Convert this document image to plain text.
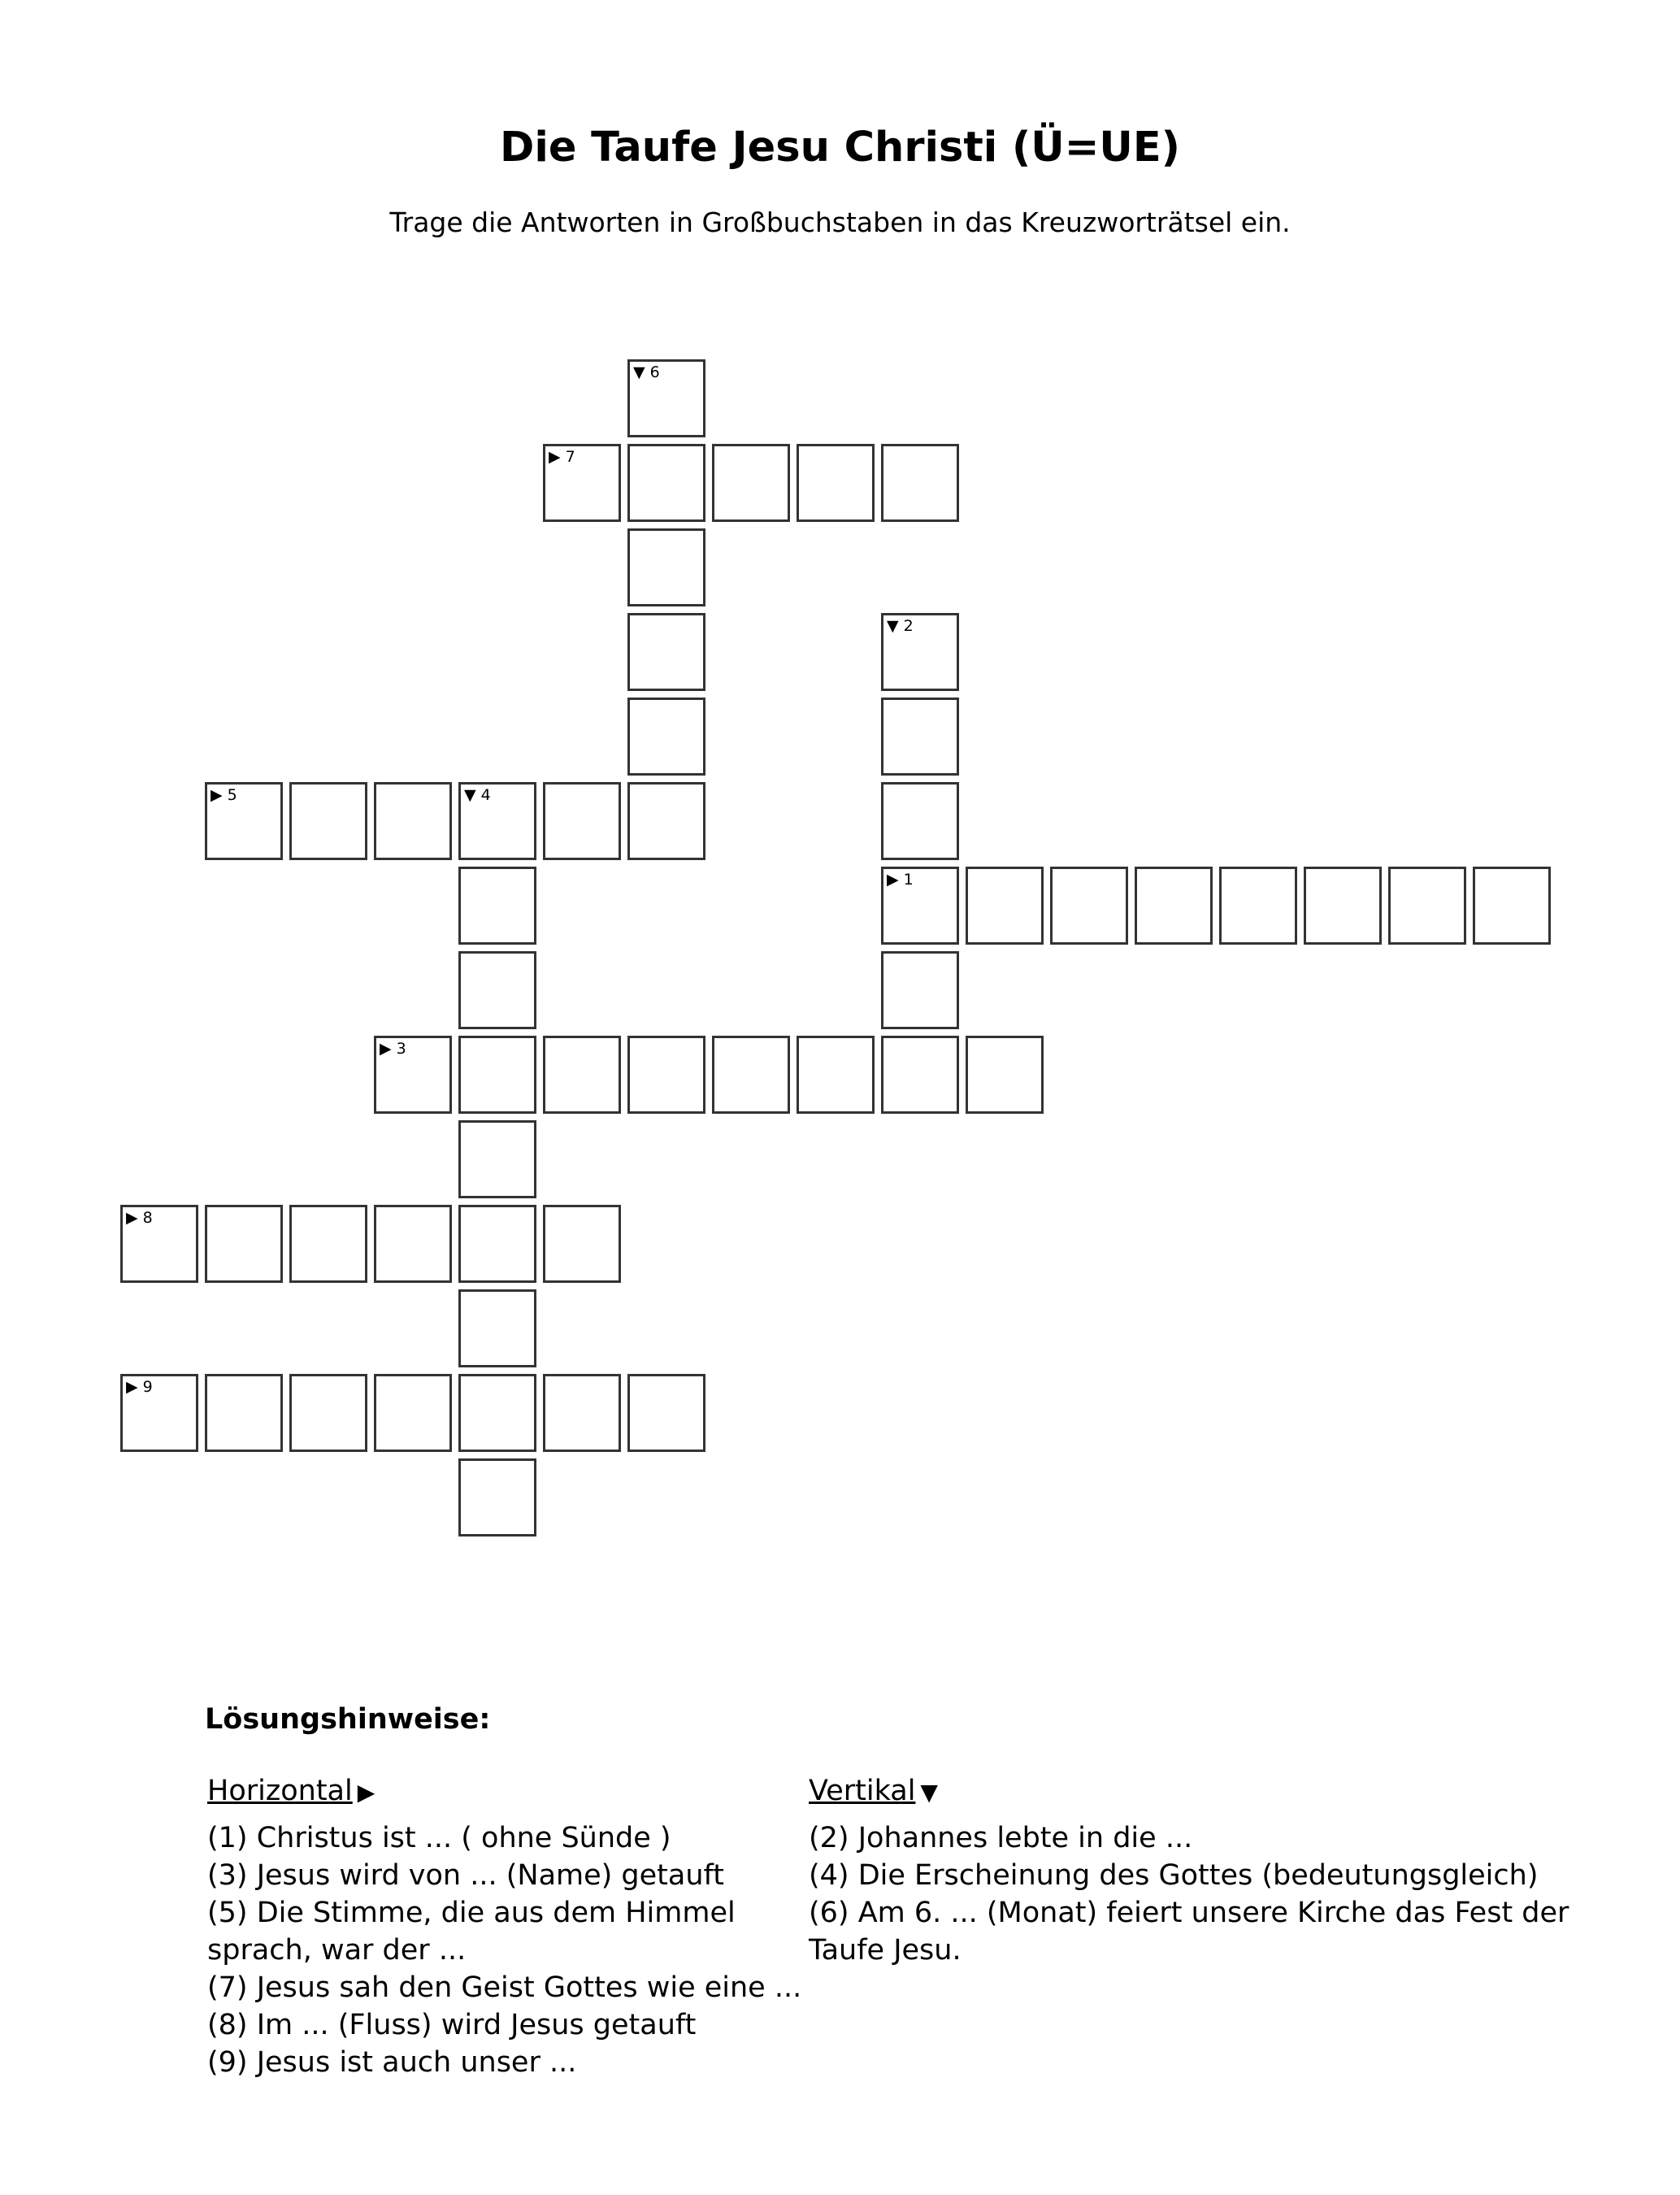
Die Taufe Jesu Christi (Ü=UE)

Trage die Antworten in Großbuchstaben in das Kreuzworträtsel ein.

▶ 1
▼ 2
▶ 3
▼ 4
▶ 5
▼ 6
▶ 7
▶ 8
▶ 9
Lösungshinweise:
Horizontal ▶

(1) Christus ist ... ( ohne Sünde )

(3) Jesus wird von ... (Name) getauft

(5) Die Stimme, die aus dem Himmel sprach, war der ...

(7) Jesus sah den Geist Gottes wie eine ...

(8) Im ... (Fluss) wird Jesus getauft

(9) Jesus ist auch unser ...

Vertikal ▼

(2) Johannes lebte in die ...

(4) Die Erscheinung des Gottes (bedeutungsgleich)

(6) Am 6. ... (Monat) feiert unsere Kirche das Fest der Taufe Jesu.
